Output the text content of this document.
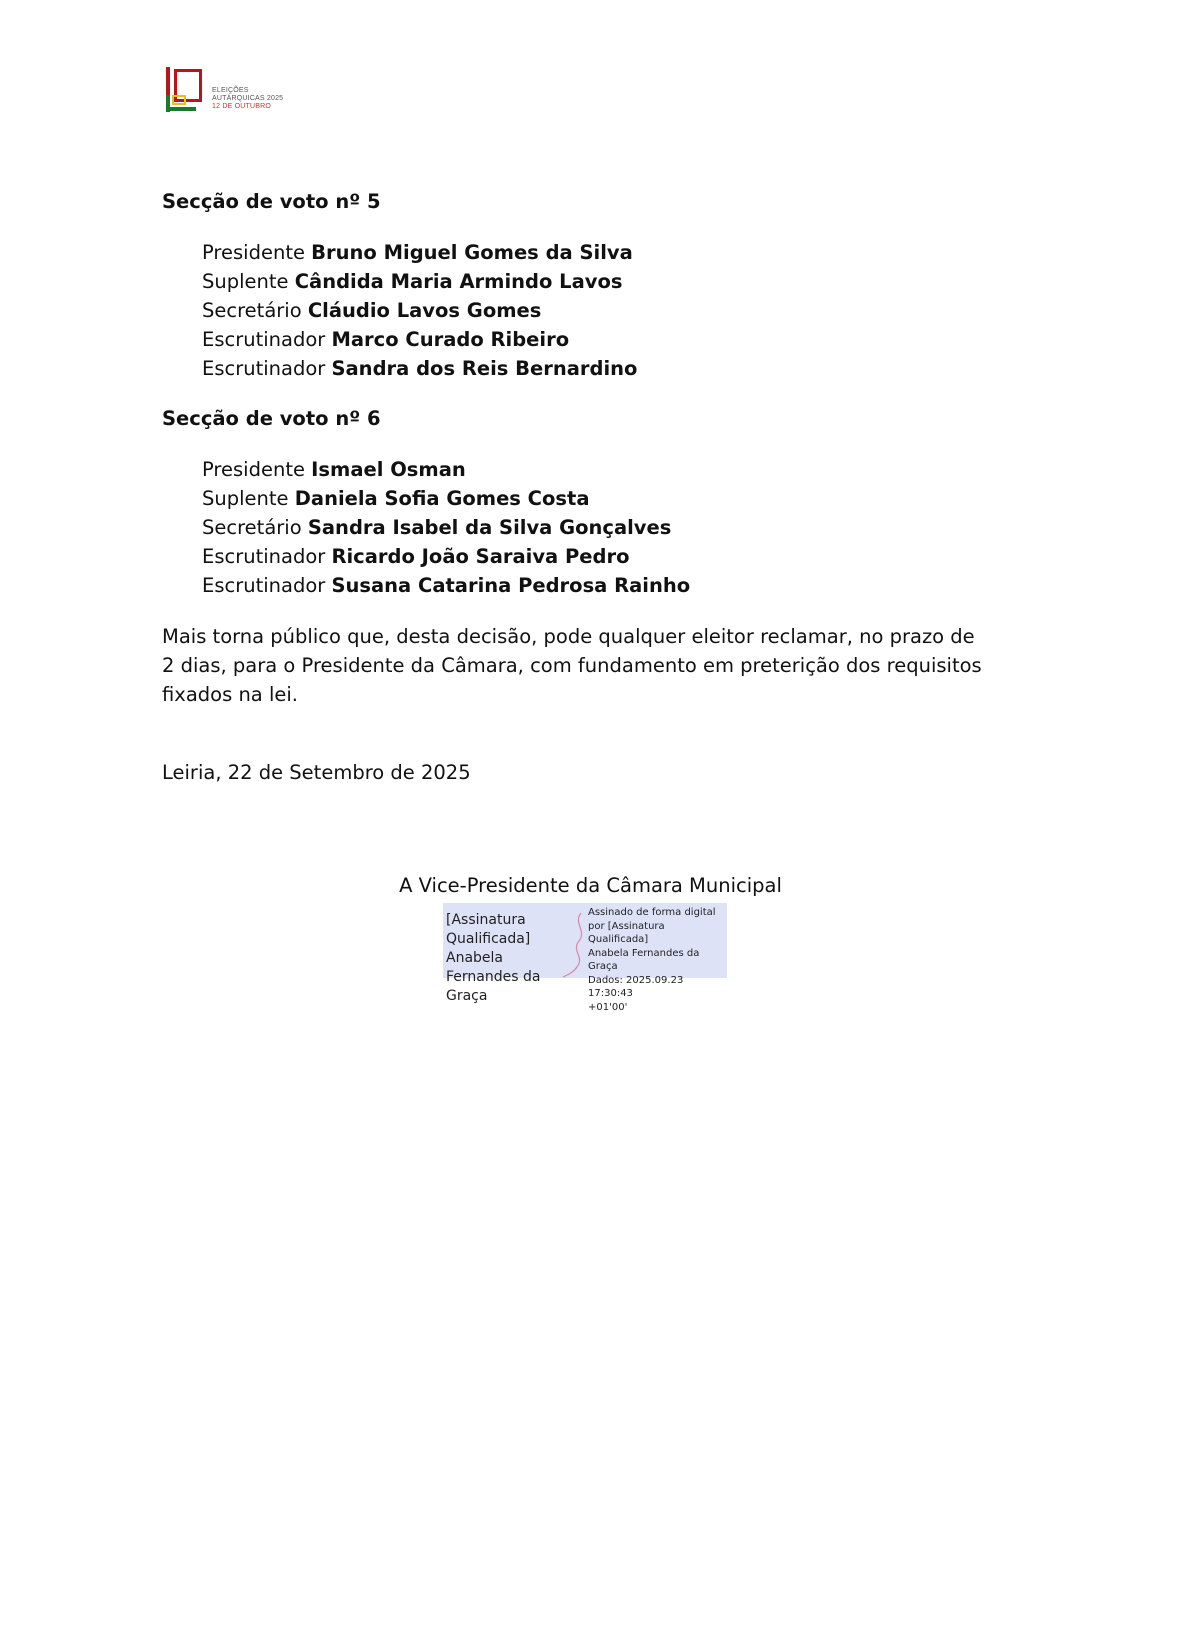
ELEIÇÕES
AUTÁRQUICAS 2025
12 DE OUTUBRO

Secção de voto nº 5

Presidente Bruno Miguel Gomes da Silva
Suplente Cândida Maria Armindo Lavos
Secretário Cláudio Lavos Gomes
Escrutinador Marco Curado Ribeiro
Escrutinador Sandra dos Reis Bernardino

Secção de voto nº 6

Presidente Ismael Osman
Suplente Daniela Sofia Gomes Costa
Secretário Sandra Isabel da Silva Gonçalves
Escrutinador Ricardo João Saraiva Pedro
Escrutinador Susana Catarina Pedrosa Rainho

Mais torna público que, desta decisão, pode qualquer eleitor reclamar, no prazo de 2 dias, para o Presidente da Câmara, com fundamento em preterição dos requisitos fixados na lei.

Leiria, 22 de Setembro de 2025

A Vice-Presidente da Câmara Municipal
[Assinatura
Qualificada] Anabela
Fernandes da Graça
Assinado de forma digital
por [Assinatura Qualificada]
Anabela Fernandes da Graça
Dados: 2025.09.23 17:30:43
+01'00'
